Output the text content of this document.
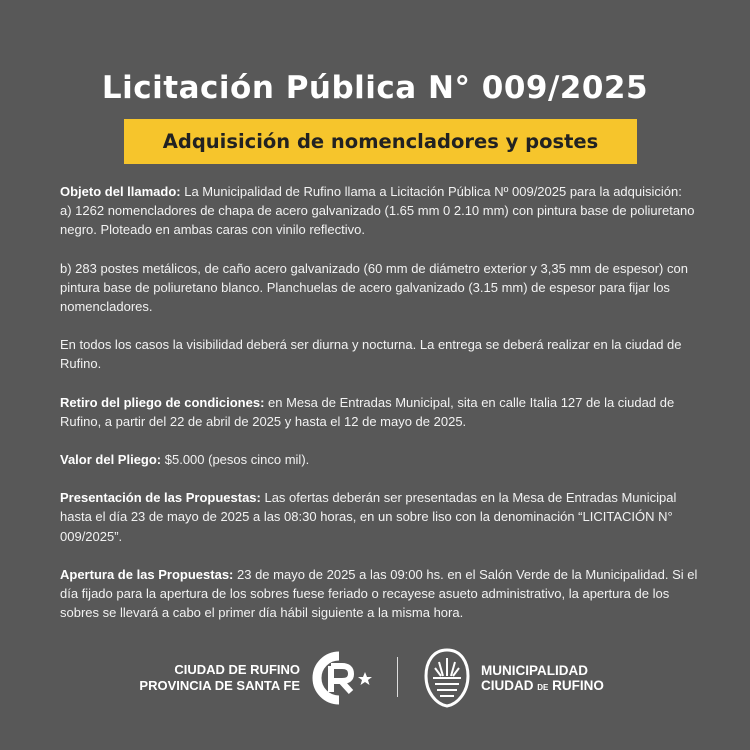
Licitación Pública N° 009/2025
Adquisición de nomencladores y postes

Objeto del llamado: La Municipalidad de Rufino llama a Licitación Pública Nº 009/2025 para la adquisición:
a) 1262 nomencladores de chapa de acero galvanizado (1.65 mm 0 2.10 mm) con pintura base de poliuretano negro. Ploteado en ambas caras con vinilo reflectivo.

b) 283 postes metálicos, de caño acero galvanizado (60 mm de diámetro exterior y 3,35 mm de espesor) con pintura base de poliuretano blanco. Planchuelas de acero galvanizado (3.15 mm) de espesor para fijar los nomencladores.

En todos los casos la visibilidad deberá ser diurna y nocturna. La entrega se deberá realizar en la ciudad de Rufino.

Retiro del pliego de condiciones: en Mesa de Entradas Municipal, sita en calle Italia 127 de la ciudad de Rufino, a partir del 22 de abril de 2025 y hasta el 12 de mayo de 2025.

Valor del Pliego: $5.000 (pesos cinco mil).

Presentación de las Propuestas: Las ofertas deberán ser presentadas en la Mesa de Entradas Municipal hasta el día 23 de mayo de 2025 a las 08:30 horas, en un sobre liso con la denominación “LICITACIÓN N° 009/2025”.

Apertura de las Propuestas: 23 de mayo de 2025 a las 09:00 hs. en el Salón Verde de la Municipalidad. Si el día fijado para la apertura de los sobres fuese feriado o recayese asueto administrativo, la apertura de los sobres se llevará a cabo el primer día hábil siguiente a la misma hora.

CIUDAD DE RUFINO
PROVINCIA DE SANTA FE
MUNICIPALIDAD
CIUDAD DE RUFINO
